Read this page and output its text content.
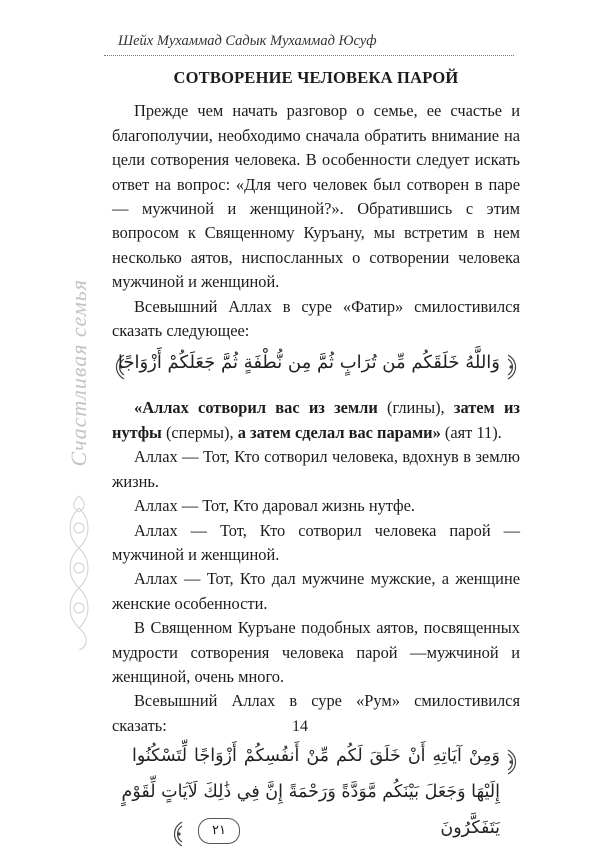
Шейх Мухаммад Садык Мухаммад Юсуф
Счастливая семья
СОТВОРЕНИЕ ЧЕЛОВЕКА ПАРОЙ

Прежде чем начать разговор о семье, ее счастье и благополучии, необходимо сначала обратить внимание на цели сотворения человека. В особенности следует искать ответ на вопрос: «Для чего человек был сотворен в паре — мужчиной и женщиной?». Обратившись с этим вопросом к Священному Куръану, мы встретим в нем несколько аятов, ниспосланных о сотворении человека мужчиной и женщиной.

Всевышний Аллах в суре «Фатир» смилостивился сказать следующее:

وَاللَّهُ خَلَقَكُم مِّن تُرَابٍ ثُمَّ مِن نُّطْفَةٍ ثُمَّ جَعَلَكُمْ أَزْوَاجًا

«Аллах сотворил вас из земли (глины), затем из нутфы (спермы), а затем сделал вас парами» (аят 11).

Аллах — Тот, Кто сотворил человека, вдохнув в землю жизнь.

Аллах — Тот, Кто даровал жизнь нутфе.

Аллах — Тот, Кто сотворил человека парой — мужчиной и женщиной.

Аллах — Тот, Кто дал мужчине мужские, а женщине женские особенности.

В Священном Куръане подобных аятов, посвященных мудрости сотворения человека парой —мужчиной и женщиной, очень много.

Всевышний Аллах в суре «Рум» смилостивился сказать:

وَمِنْ آيَاتِهِ أَنْ خَلَقَ لَكُم مِّنْ أَنفُسِكُمْ أَزْوَاجًا لِّتَسْكُنُوا
إِلَيْهَا وَجَعَلَ بَيْنَكُم مَّوَدَّةً وَرَحْمَةً إِنَّ فِي ذَٰلِكَ لَآيَاتٍ لِّقَوْمٍ
يَتَفَكَّرُونَ
٢١
14
